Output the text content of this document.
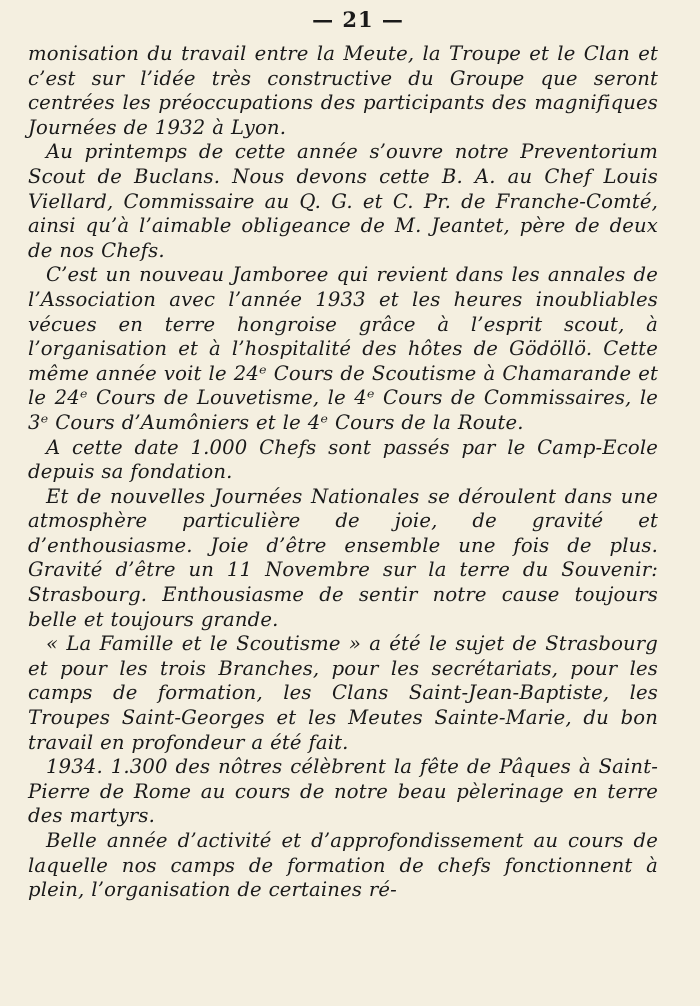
— 21 —

monisation du travail entre la Meute, la Troupe et le Clan et c’est sur l’idée très constructive du Groupe que seront centrées les préoccupations des participants des magnifiques Journées de 1932 à Lyon.

Au printemps de cette année s’ouvre notre Preventorium Scout de Buclans. Nous devons cette B. A. au Chef Louis Viellard, Commissaire au Q. G. et C. Pr. de Franche-Comté, ainsi qu’à l’aimable obligeance de M. Jeantet, père de deux de nos Chefs.

C’est un nouveau Jamboree qui revient dans les annales de l’Association avec l’année 1933 et les heures inoubliables vécues en terre hongroise grâce à l’esprit scout, à l’organisation et à l’hospitalité des hôtes de Gödöllö. Cette même année voit le 24ᵉ Cours de Scoutisme à Chamarande et le 24ᵉ Cours de Louvetisme, le 4ᵉ Cours de Commissaires, le 3ᵉ Cours d’Aumôniers et le 4ᵉ Cours de la Route.

A cette date 1.000 Chefs sont passés par le Camp-Ecole depuis sa fondation.

Et de nouvelles Journées Nationales se déroulent dans une atmosphère particulière de joie, de gravité et d’enthousiasme. Joie d’être ensemble une fois de plus. Gravité d’être un 11 Novembre sur la terre du Souvenir: Strasbourg. Enthousiasme de sentir notre cause toujours belle et toujours grande.

« La Famille et le Scoutisme » a été le sujet de Strasbourg et pour les trois Branches, pour les secrétariats, pour les camps de formation, les Clans Saint-Jean-Baptiste, les Troupes Saint-Georges et les Meutes Sainte-Marie, du bon travail en profondeur a été fait.

1934. 1.300 des nôtres célèbrent la fête de Pâques à Saint-Pierre de Rome au cours de notre beau pèlerinage en terre des martyrs.

Belle année d’activité et d’approfondissement au cours de laquelle nos camps de formation de chefs fonctionnent à plein, l’organisation de certaines ré-
